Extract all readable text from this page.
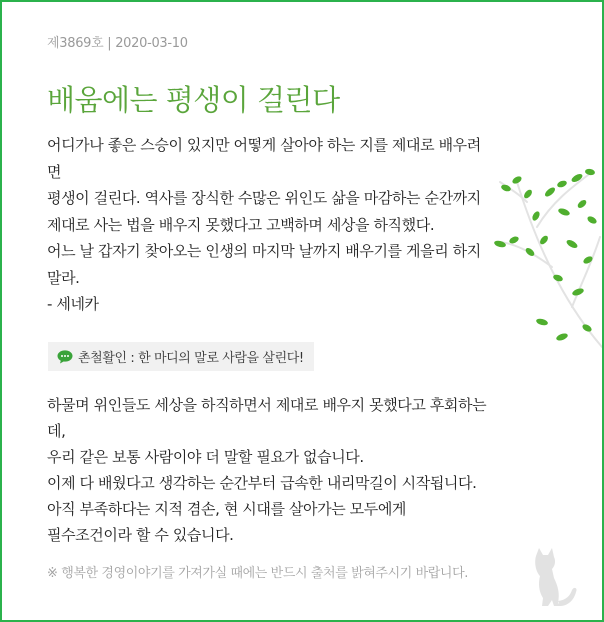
제3869호 | 2020-03-10
배움에는 평생이 걸린다
어디가나 좋은 스승이 있지만 어떻게 살아야 하는 지를 제대로 배우려
면
평생이 걸린다. 역사를 장식한 수많은 위인도 삶을 마감하는 순간까지
제대로 사는 법을 배우지 못했다고 고백하며 세상을 하직했다.
어느 날 갑자기 찾아오는 인생의 마지막 날까지 배우기를 게을리 하지
말라.
- 세네카
촌철활인 : 한 마디의 말로 사람을 살린다!
하물며 위인들도 세상을 하직하면서 제대로 배우지 못했다고 후회하는
데,
우리 같은 보통 사람이야 더 말할 필요가 없습니다.
이제 다 배웠다고 생각하는 순간부터 급속한 내리막길이 시작됩니다.
아직 부족하다는 지적 겸손, 현 시대를 살아가는 모두에게
필수조건이라 할 수 있습니다.
※ 행복한 경영이야기를 가져가실 때에는 반드시 출처를 밝혀주시기 바랍니다.
